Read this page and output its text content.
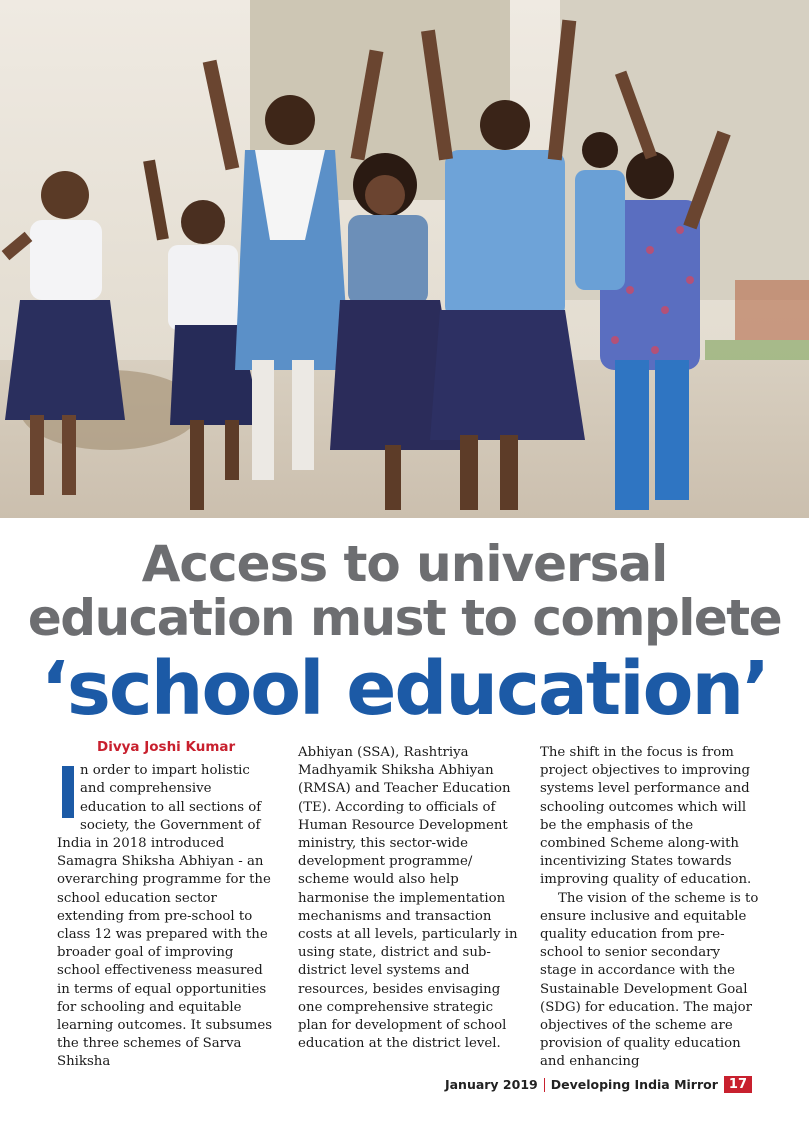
Access to universal
education must to complete
‘school education’

Divya Joshi Kumar

n order to impart holistic and comprehensive education to all sections of society, the Government of India in 2018 introduced Samagra Shiksha Abhiyan - an overarching programme for the school education sector extending from pre-school to class 12 was prepared with the broader goal of improving school effectiveness measured in terms of equal opportunities for schooling and equitable learning outcomes. It subsumes the three schemes of Sarva Shiksha

Abhiyan (SSA), Rashtriya Madhyamik Shiksha Abhiyan (RMSA) and Teacher Education (TE). According to officials of Human Resource Development ministry, this sector-wide development programme/ scheme would also help harmonise the implementation mechanisms and transaction costs at all levels, particularly in using state, district and sub-district level systems and resources, besides envisaging one comprehensive strategic plan for development of school education at the district level.

The shift in the focus is from project objectives to improving systems level performance and schooling outcomes which will be the emphasis of the combined Scheme along-with incentivizing States towards improving quality of education.

The vision of the scheme is to ensure inclusive and equitable quality education from pre-school to senior secondary stage in accordance with the Sustainable Development Goal (SDG) for education. The major objectives of the scheme are provision of quality education and enhancing

January 2019 Developing India Mirror 17
